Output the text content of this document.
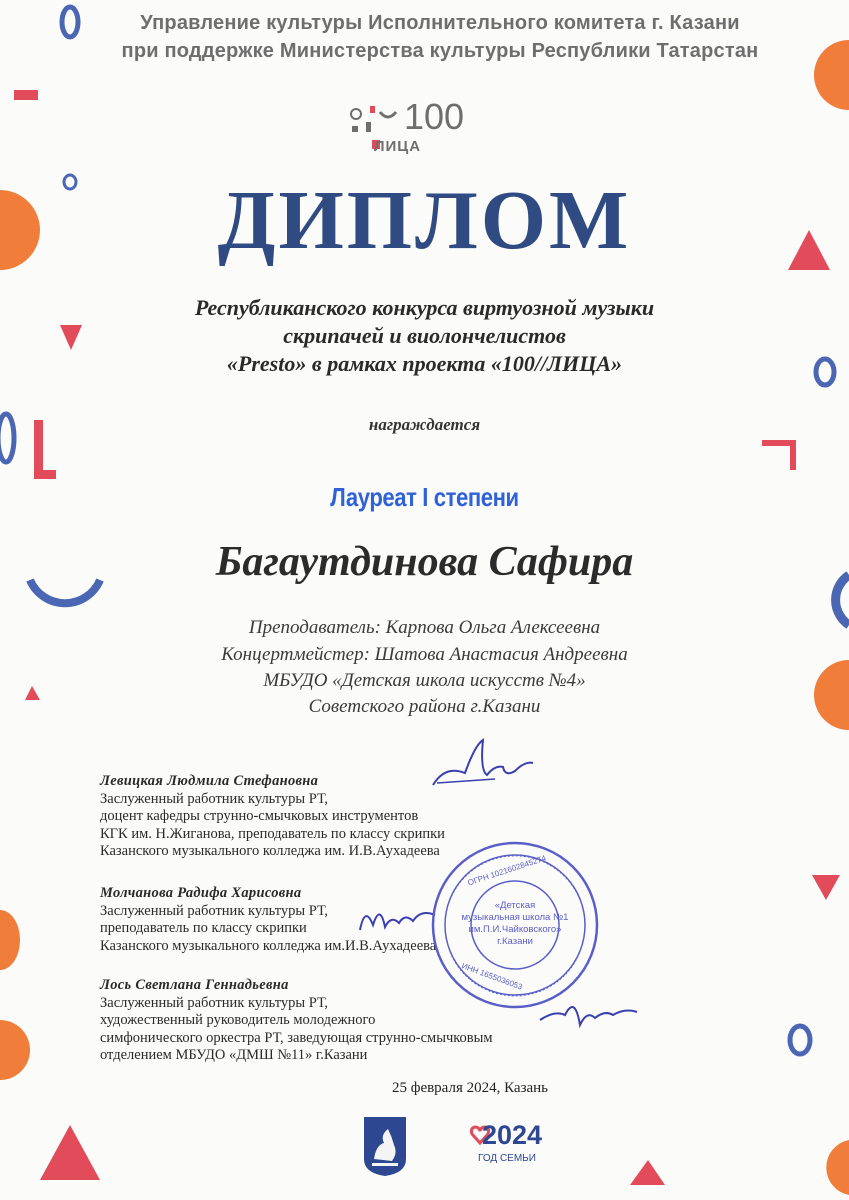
Управление культуры Исполнительного комитета г. Казани
при поддержке Министерства культуры Республики Татарстан
100
ЛИЦА
ДИПЛОМ
Республиканского конкурса виртуозной музыки
скрипачей и виолончелистов
«Presto» в рамках проекта «100//ЛИЦА»
награждается
Лауреат I степени
Багаутдинова Сафира
Преподаватель: Карпова Ольга Алексеевна
Концертмейстер: Шатова Анастасия Андреевна
МБУДО «Детская школа искусств №4»
Советского района г.Казани
Левицкая Людмила Стефановна
Заслуженный работник культуры РТ,
доцент кафедры струнно-смычковых инструментов
КГК им. Н.Жиганова, преподаватель по классу скрипки
Казанского музыкального колледжа им. И.В.Аухадеева
Молчанова Радифа Харисовна
Заслуженный работник культуры РТ,
преподаватель по классу скрипки
Казанского музыкального колледжа им.И.В.Аухадеева
Лось Светлана Геннадьевна
Заслуженный работник культуры РТ,
художественный руководитель молодежного
симфонического оркестра РТ, заведующая струнно-смычковым
отделением МБУДО «ДМШ №11» г.Казани
ОГРН 1021602845274
«Детская
музыкальная школа №1
им.П.И.Чайковского»
г.Казани
ИНН 1655036053
25 февраля 2024, Казань
2024
ГОД СЕМЬИ
